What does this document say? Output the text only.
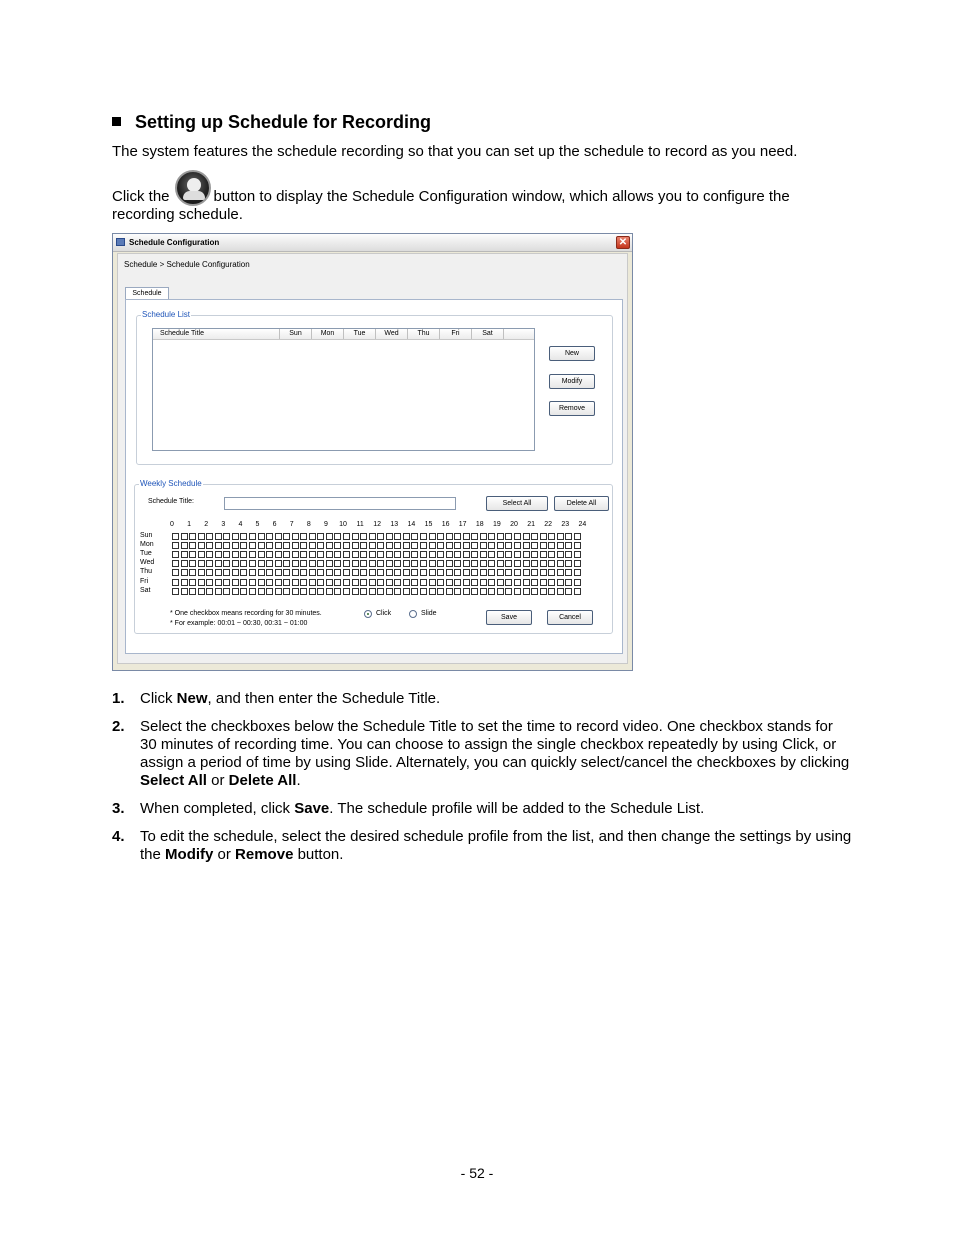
Setting up Schedule for Recording
The system features the schedule recording so that you can set up the schedule to record as you need.
Click the	button to display the Schedule Configuration window, which allows you to configure the
recording schedule.
Schedule Configuration	✕
Schedule > Schedule Configuration
Schedule
Schedule List
Schedule Title	Sun	Mon	Tue	Wed	Thu	Fri	Sat
New
Modify
Remove
Weekly Schedule
Schedule Title:	Select All	Delete All
0	1	2	3	4	5	6	7	8	9	10	11	12	13	14	15	16	17	18	19	20	21	22	23	24
Sun
Mon
Tue
Wed
Thu
Fri
Sat
* One checkbox means recording for 30 minutes.
* For example: 00:01 ~ 00:30, 00:31 ~ 01:00
Click	Slide
Save	Cancel
1. Click New, and then enter the Schedule Title.
2. Select the checkboxes below the Schedule Title to set the time to record video. One checkbox stands for 30 minutes of recording time. You can choose to assign the single checkbox repeatedly by using Click, or assign a period of time by using Slide. Alternately, you can quickly select/cancel the checkboxes by clicking Select All or Delete All.
3. When completed, click Save. The schedule profile will be added to the Schedule List.
4. To edit the schedule, select the desired schedule profile from the list, and then change the settings by using the Modify or Remove button.
- 52 -
